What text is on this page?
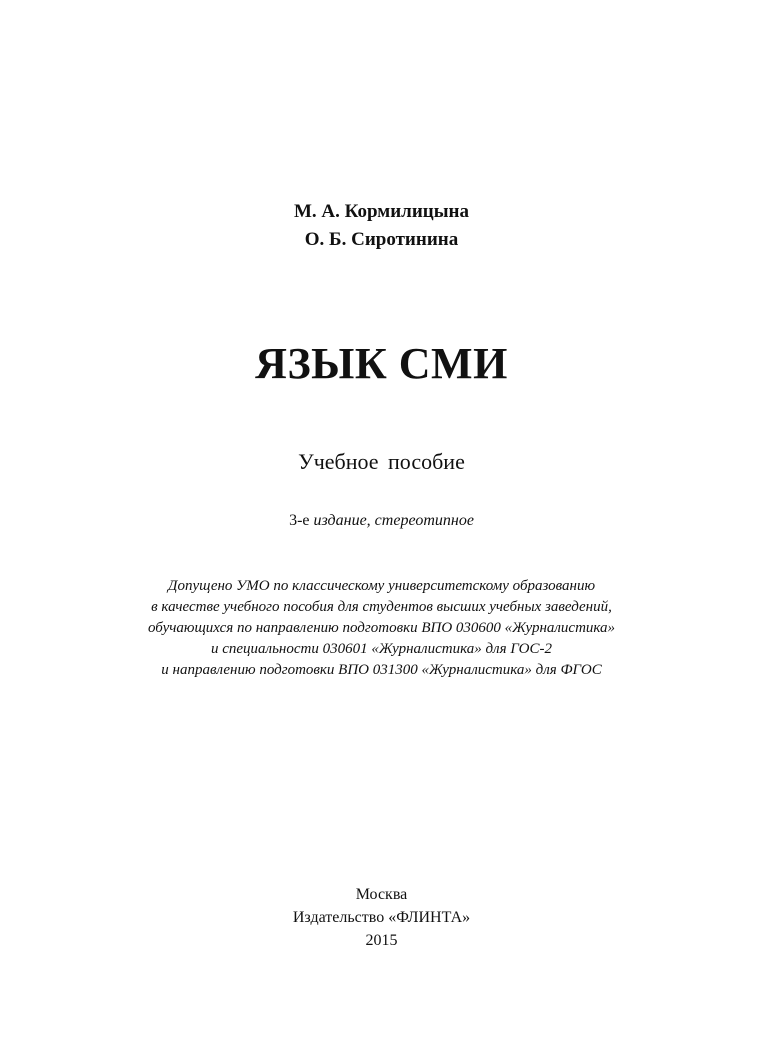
М. А. Кормилицына
О. Б. Сиротинина
ЯЗЫК СМИ
Учебное пособие
3-е издание, стереотипное
Допущено УМО по классическому университетскому образованию
в качестве учебного пособия для студентов высших учебных заведений,
обучающихся по направлению подготовки ВПО 030600 «Журналистика»
и специальности 030601 «Журналистика» для ГОС-2
и направлению подготовки ВПО 031300 «Журналистика» для ФГОС
Москва
Издательство «ФЛИНТА»
2015
